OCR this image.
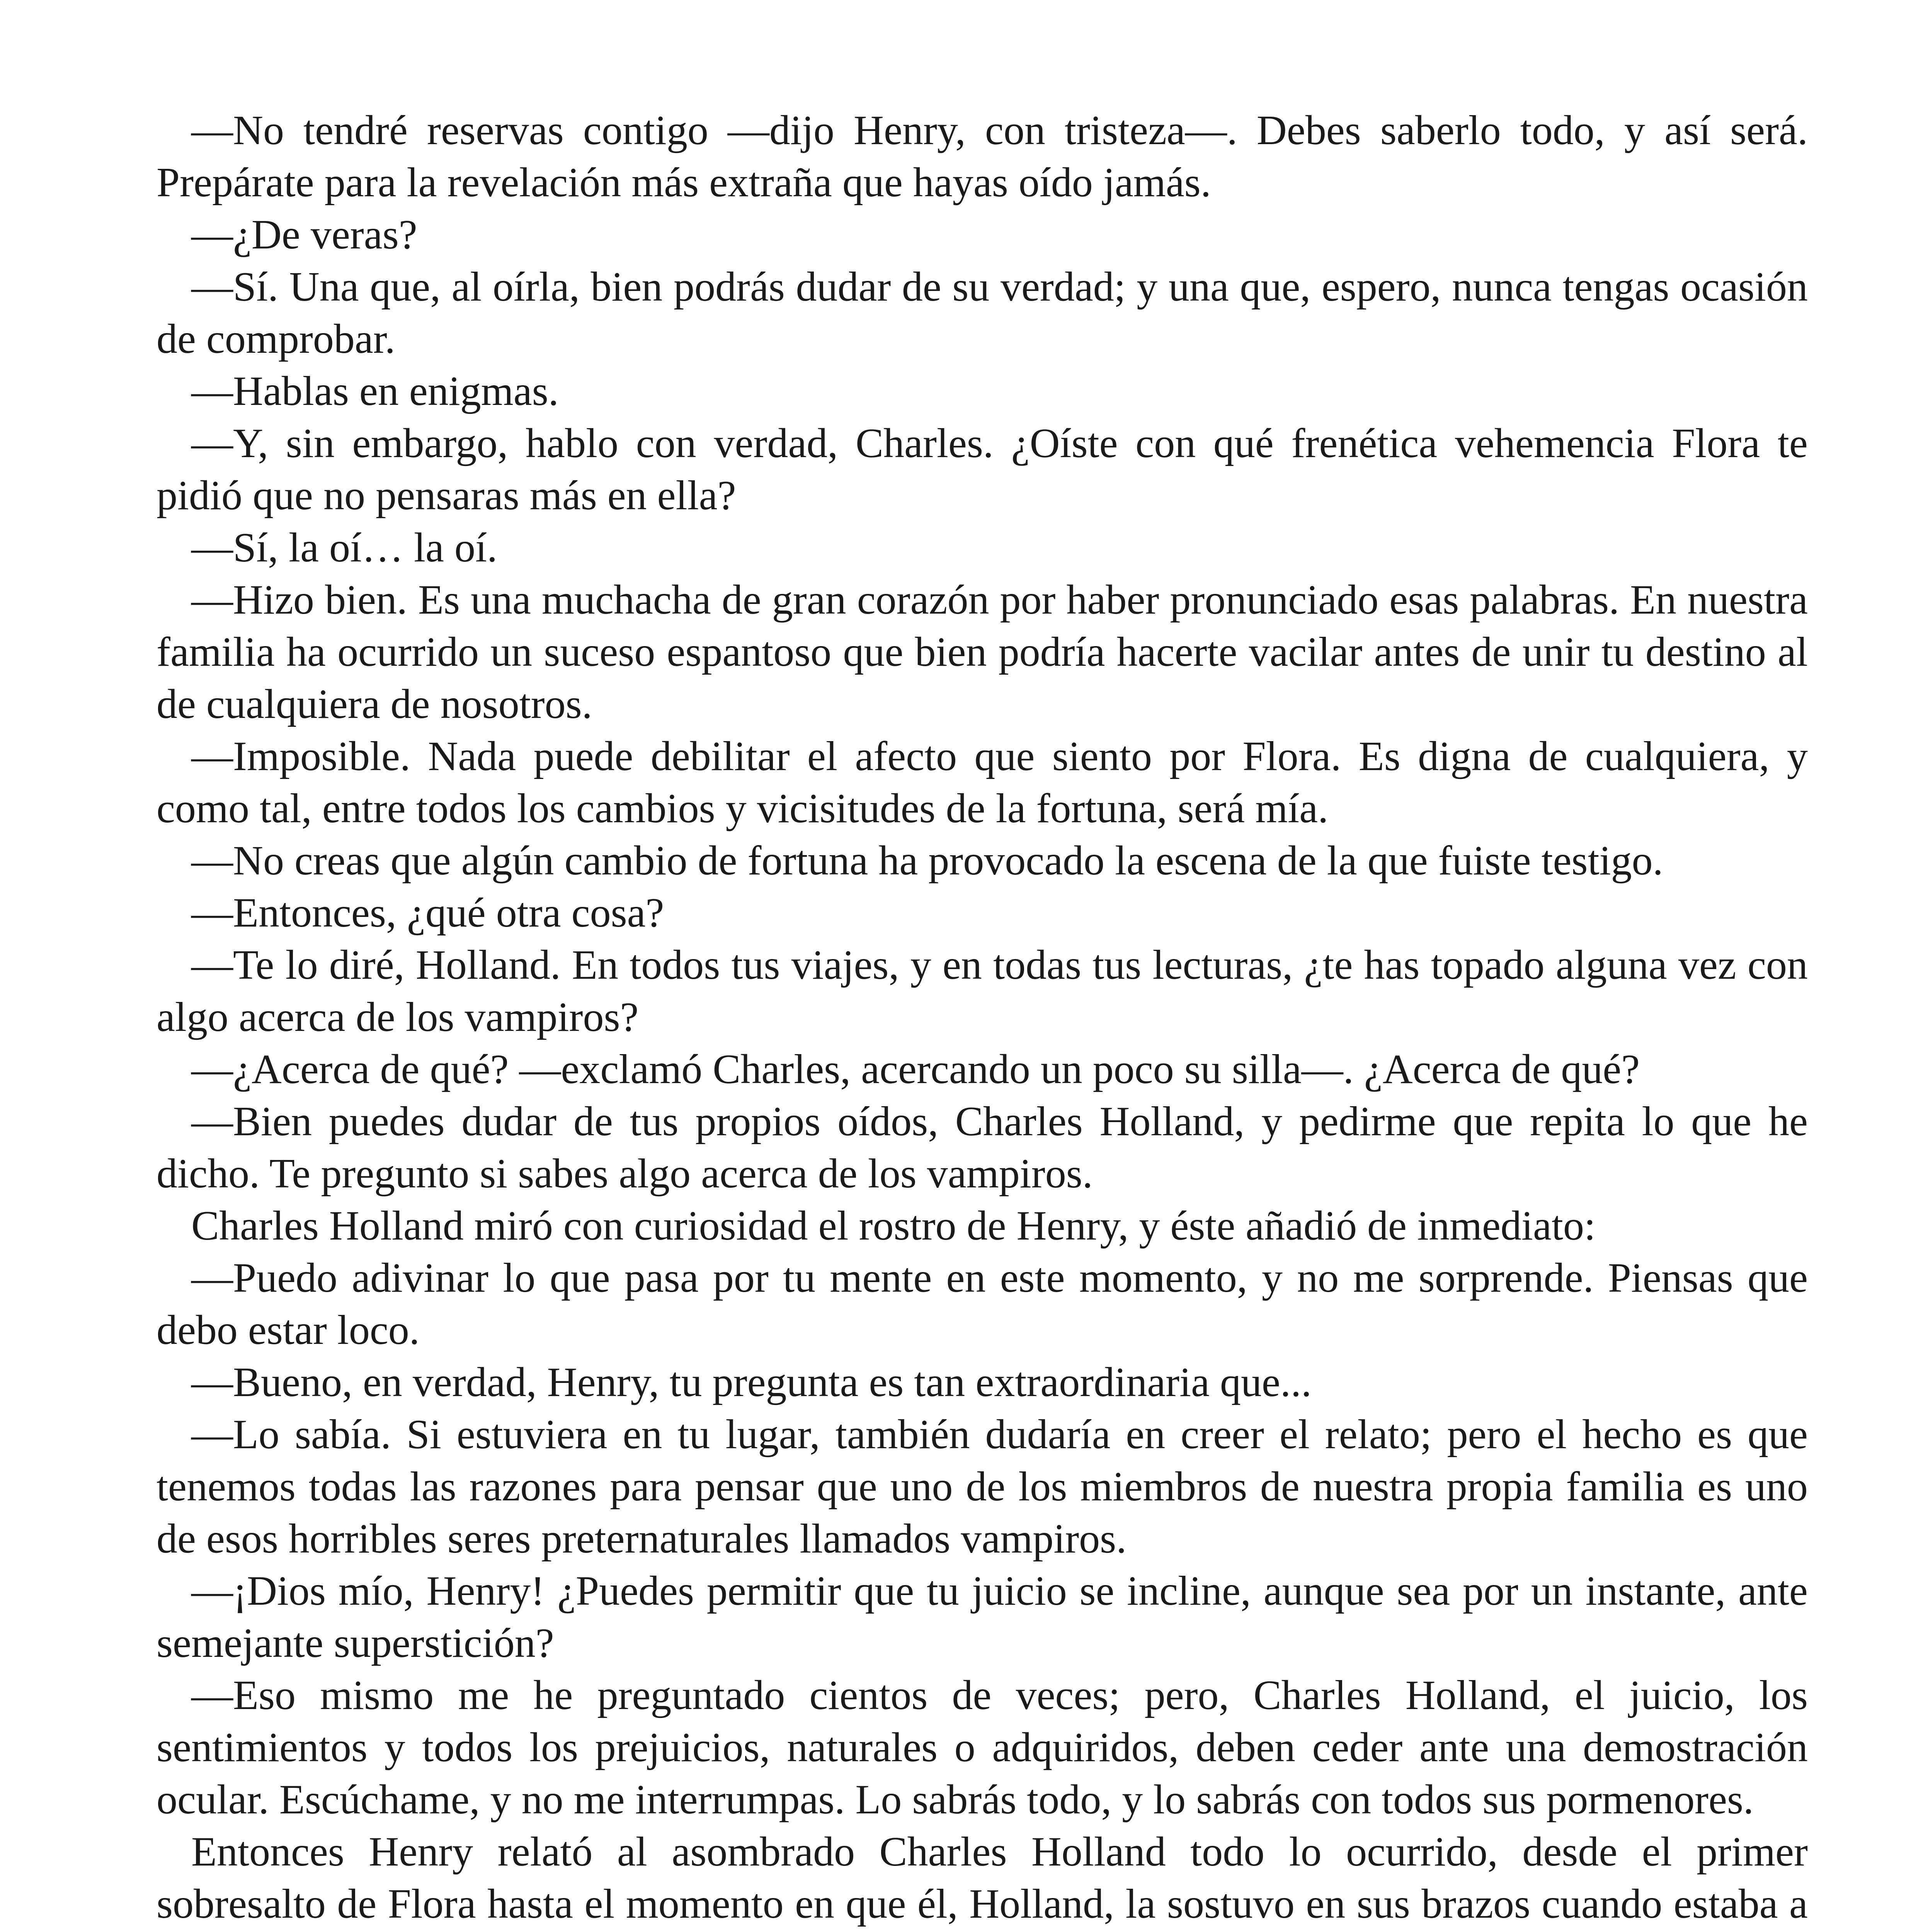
—No tendré reservas contigo —dijo Henry, con tristeza—. Debes saberlo todo, y así será. Prepárate para la revelación más extraña que hayas oído jamás.

—¿De veras?

—Sí. Una que, al oírla, bien podrás dudar de su verdad; y una que, espero, nunca tengas ocasión de comprobar.

—Hablas en enigmas.

—Y, sin embargo, hablo con verdad, Charles. ¿Oíste con qué frenética vehemencia Flora te pidió que no pensaras más en ella?

—Sí, la oí… la oí.

—Hizo bien. Es una muchacha de gran corazón por haber pronunciado esas palabras. En nuestra familia ha ocurrido un suceso espantoso que bien podría hacerte vacilar antes de unir tu destino al de cualquiera de nosotros.

—Imposible. Nada puede debilitar el afecto que siento por Flora. Es digna de cualquiera, y como tal, entre todos los cambios y vicisitudes de la fortuna, será mía.

—No creas que algún cambio de fortuna ha provocado la escena de la que fuiste testigo.

—Entonces, ¿qué otra cosa?

—Te lo diré, Holland. En todos tus viajes, y en todas tus lecturas, ¿te has topado alguna vez con algo acerca de los vampiros?

—¿Acerca de qué? —exclamó Charles, acercando un poco su silla—. ¿Acerca de qué?

—Bien puedes dudar de tus propios oídos, Charles Holland, y pedirme que repita lo que he dicho. Te pregunto si sabes algo acerca de los vampiros.

Charles Holland miró con curiosidad el rostro de Henry, y éste añadió de inmediato:

—Puedo adivinar lo que pasa por tu mente en este momento, y no me sorprende. Piensas que debo estar loco.

—Bueno, en verdad, Henry, tu pregunta es tan extraordinaria que...

—Lo sabía. Si estuviera en tu lugar, también dudaría en creer el relato; pero el hecho es que tenemos todas las razones para pensar que uno de los miembros de nuestra propia familia es uno de esos horribles seres preternaturales llamados vampiros.

—¡Dios mío, Henry! ¿Puedes permitir que tu juicio se incline, aunque sea por un instante, ante semejante superstición?

—Eso mismo me he preguntado cientos de veces; pero, Charles Holland, el juicio, los sentimientos y todos los prejuicios, naturales o adquiridos, deben ceder ante una demostración ocular. Escúchame, y no me interrumpas. Lo sabrás todo, y lo sabrás con todos sus pormenores.

Entonces Henry relató al asombrado Charles Holland todo lo ocurrido, desde el primer sobresalto de Flora hasta el momento en que él, Holland, la sostuvo en sus brazos cuando estaba a
